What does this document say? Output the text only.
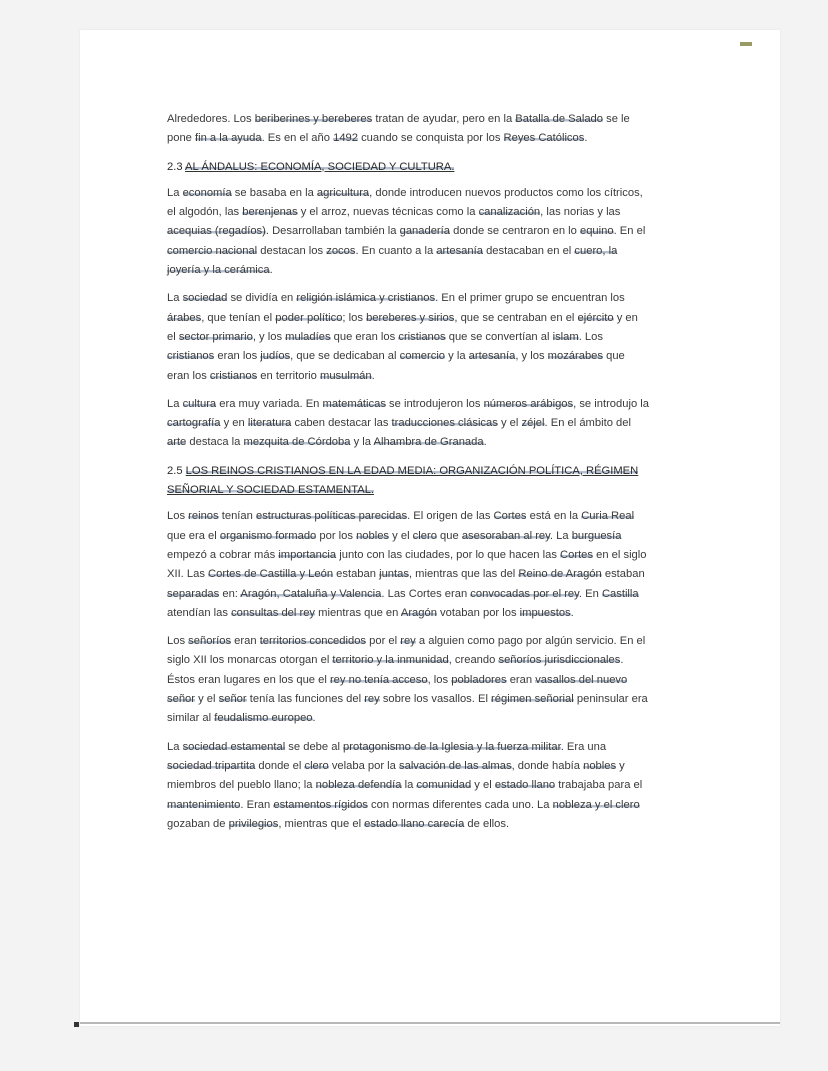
Alrededores. Los beriberines y bereberes tratan de ayudar, pero en la Batalla de Salado se le pone fin a la ayuda. Es en el año 1492 cuando se conquista por los Reyes Católicos.

2.3 AL ÁNDALUS: ECONOMÍA, SOCIEDAD Y CULTURA.

La economía se basaba en la agricultura, donde introducen nuevos productos como los cítricos, el algodón, las berenjenas y el arroz, nuevas técnicas como la canalización, las norias y las acequias (regadíos). Desarrollaban también la ganadería donde se centraron en lo equino. En el comercio nacional destacan los zocos. En cuanto a la artesanía destacaban en el cuero, la joyería y la cerámica.

La sociedad se dividía en religión islámica y cristianos. En el primer grupo se encuentran los árabes, que tenían el poder político; los bereberes y sirios, que se centraban en el ejército y en el sector primario, y los muladíes que eran los cristianos que se convertían al islam. Los cristianos eran los judíos, que se dedicaban al comercio y la artesanía, y los mozárabes que eran los cristianos en territorio musulmán.

La cultura era muy variada. En matemáticas se introdujeron los números arábigos, se introdujo la cartografía y en literatura caben destacar las traducciones clásicas y el zéjel. En el ámbito del arte destaca la mezquita de Córdoba y la Alhambra de Granada.

2.5 LOS REINOS CRISTIANOS EN LA EDAD MEDIA: ORGANIZACIÓN POLÍTICA, RÉGIMEN SEÑORIAL Y SOCIEDAD ESTAMENTAL.

Los reinos tenían estructuras políticas parecidas. El origen de las Cortes está en la Curia Real que era el organismo formado por los nobles y el clero que asesoraban al rey. La burguesía empezó a cobrar más importancia junto con las ciudades, por lo que hacen las Cortes en el siglo XII. Las Cortes de Castilla y León estaban juntas, mientras que las del Reino de Aragón estaban separadas en: Aragón, Cataluña y Valencia. Las Cortes eran convocadas por el rey. En Castilla atendían las consultas del rey mientras que en Aragón votaban por los impuestos.

Los señoríos eran territorios concedidos por el rey a alguien como pago por algún servicio. En el siglo XII los monarcas otorgan el territorio y la inmunidad, creando señoríos jurisdiccionales. Éstos eran lugares en los que el rey no tenía acceso, los pobladores eran vasallos del nuevo señor y el señor tenía las funciones del rey sobre los vasallos. El régimen señorial peninsular era similar al feudalismo europeo.

La sociedad estamental se debe al protagonismo de la Iglesia y la fuerza militar. Era una sociedad tripartita donde el clero velaba por la salvación de las almas, donde había nobles y miembros del pueblo llano; la nobleza defendía la comunidad y el estado llano trabajaba para el mantenimiento. Eran estamentos rígidos con normas diferentes cada uno. La nobleza y el clero gozaban de privilegios, mientras que el estado llano carecía de ellos.
